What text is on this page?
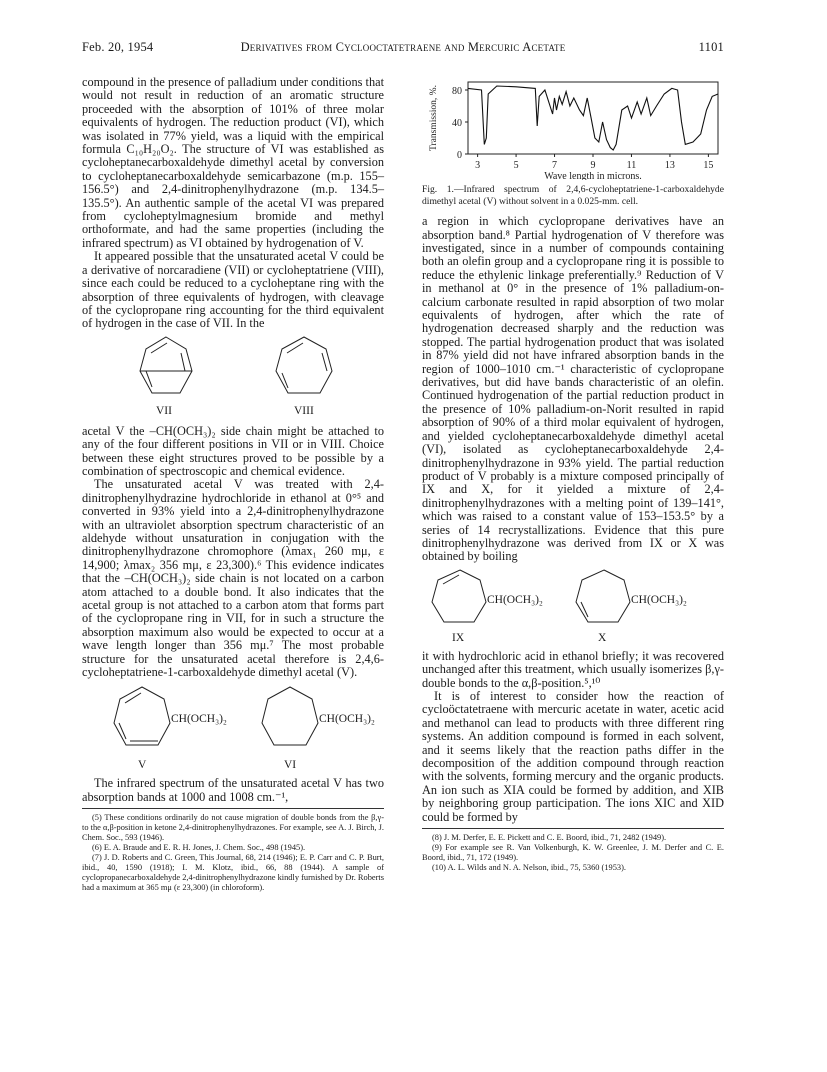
Feb. 20, 1954	Derivatives from Cyclooctatetraene and Mercuric Acetate	1101

compound in the presence of palladium under conditions that would not result in reduction of an aromatic structure proceeded with the absorption of 101% of three molar equivalents of hydrogen. The reduction product (VI), which was isolated in 77% yield, was a liquid with the empirical formula C₁₀H₂₀O₂. The structure of VI was established as cycloheptanecarboxaldehyde dimethyl acetal by conversion to cycloheptanecarboxaldehyde semicarbazone (m.p. 155–156.5°) and 2,4-dinitrophenylhydrazone (m.p. 134.5–135.5°). An authentic sample of the acetal VI was prepared from cycloheptylmagnesium bromide and methyl orthoformate, and had the same properties (including the infrared spectrum) as VI obtained by hydrogenation of V.

It appeared possible that the unsaturated acetal V could be a derivative of norcaradiene (VII) or cycloheptatriene (VIII), since each could be reduced to a cycloheptane ring with the absorption of three equivalents of hydrogen, with cleavage of the cyclopropane ring accounting for the third equivalent of hydrogen in the case of VII. In the

VII	VIII

acetal V the –CH(OCH₃)₂ side chain might be attached to any of the four different positions in VII or in VIII. Choice between these eight structures proved to be possible by a combination of spectroscopic and chemical evidence.

The unsaturated acetal V was treated with 2,4-dinitrophenylhydrazine hydrochloride in ethanol at 0°⁵ and converted in 93% yield into a 2,4-dinitrophenylhydrazone with an ultraviolet absorption spectrum characteristic of an aldehyde without unsaturation in conjugation with the dinitrophenylhydrazone chromophore (λmax₁ 260 mμ, ε 14,900; λmax₂ 356 mμ, ε 23,300).⁶ This evidence indicates that the –CH(OCH₃)₂ side chain is not located on a carbon atom attached to a double bond. It also indicates that the acetal group is not attached to a carbon atom that forms part of the cyclopropane ring in VII, for in such a structure the absorption maximum also would be expected to occur at a wave length longer than 356 mμ.⁷ The most probable structure for the unsaturated acetal therefore is 2,4,6-cycloheptatriene-1-carboxaldehyde dimethyl acetal (V).

CH(OCH₃)₂	CH(OCH₃)₂
V	VI

The infrared spectrum of the unsaturated acetal V has two absorption bands at 1000 and 1008 cm.⁻¹,

(5) These conditions ordinarily do not cause migration of double bonds from the β,γ- to the α,β-position in ketone 2,4-dinitrophenylhydrazones. For example, see A. J. Birch, J. Chem. Soc., 593 (1946).

(6) E. A. Braude and E. R. H. Jones, J. Chem. Soc., 498 (1945).

(7) J. D. Roberts and C. Green, This Journal, 68, 214 (1946); E. P. Carr and C. P. Burt, ibid., 40, 1590 (1918); I. M. Klotz, ibid., 66, 88 (1944). A sample of cyclopropanecarboxaldehyde 2,4-dinitrophenylhydrazone kindly furnished by Dr. Roberts had a maximum at 365 mμ (ε 23,300) (in chloroform).

0
40
80
3	5	7	9	11	13	15
Wave length in microns.
Transmission, %.

Fig. 1.—Infrared spectrum of 2,4,6-cycloheptatriene-1-carboxaldehyde dimethyl acetal (V) without solvent in a 0.025-mm. cell.

a region in which cyclopropane derivatives have an absorption band.⁸ Partial hydrogenation of V therefore was investigated, since in a number of compounds containing both an olefin group and a cyclopropane ring it is possible to reduce the ethylenic linkage preferentially.⁹ Reduction of V in methanol at 0° in the presence of 1% palladium-on-calcium carbonate resulted in rapid absorption of two molar equivalents of hydrogen, after which the rate of hydrogenation decreased sharply and the reduction was stopped. The partial hydrogenation product that was isolated in 87% yield did not have infrared absorption bands in the region of 1000–1010 cm.⁻¹ characteristic of cyclopropane derivatives, but did have bands characteristic of an olefin. Continued hydrogenation of the partial reduction product in the presence of 10% palladium-on-Norit resulted in rapid absorption of 90% of a third molar equivalent of hydrogen, and yielded cycloheptanecarboxaldehyde dimethyl acetal (VI), isolated as cycloheptanecarboxaldehyde 2,4-dinitrophenylhydrazone in 93% yield. The partial reduction product of V probably is a mixture composed principally of IX and X, for it yielded a mixture of 2,4-dinitrophenylhydrazones with a melting point of 139–141°, which was raised to a constant value of 153–153.5° by a series of 14 recrystallizations. Evidence that this pure dinitrophenylhydrazone was derived from IX or X was obtained by boiling

CH(OCH₃)₂	CH(OCH₃)₂
IX	X

it with hydrochloric acid in ethanol briefly; it was recovered unchanged after this treatment, which usually isomerizes β,γ-double bonds to the α,β-position.⁵,¹⁰

It is of interest to consider how the reaction of cycloöctatetraene with mercuric acetate in water, acetic acid and methanol can lead to products with three different ring systems. An addition compound is formed in each solvent, and it seems likely that the reaction paths differ in the decomposition of the addition compound through reaction with the solvents, forming mercury and the organic products. An ion such as XIA could be formed by addition, and XIB by neighboring group participation. The ions XIC and XID could be formed by

(8) J. M. Derfer, E. E. Pickett and C. E. Boord, ibid., 71, 2482 (1949).

(9) For example see R. Van Volkenburgh, K. W. Greenlee, J. M. Derfer and C. E. Boord, ibid., 71, 172 (1949).

(10) A. L. Wilds and N. A. Nelson, ibid., 75, 5360 (1953).
